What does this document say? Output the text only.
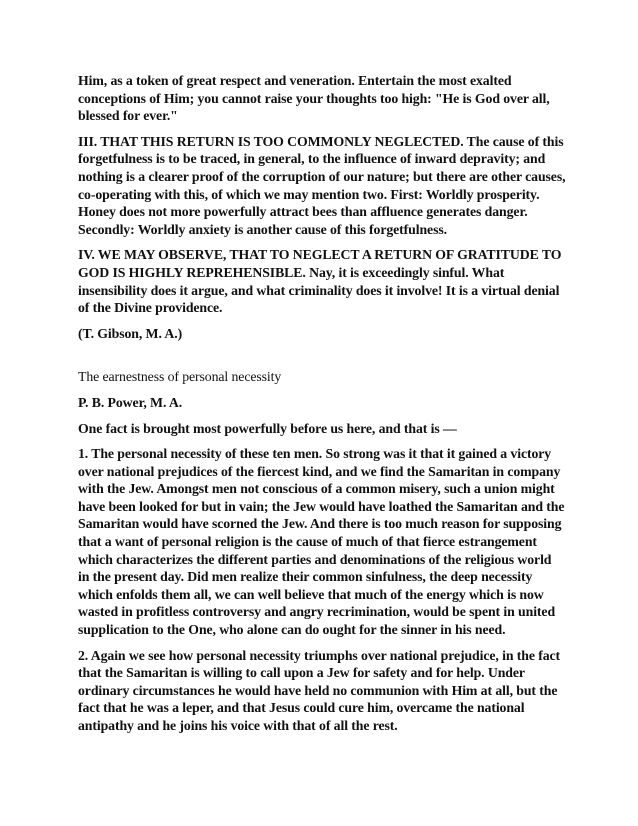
Him, as a token of great respect and veneration. Entertain the most exalted conceptions of Him; you cannot raise your thoughts too high: "He is God over all, blessed for ever."

III. THAT THIS RETURN IS TOO COMMONLY NEGLECTED. The cause of this forgetfulness is to be traced, in general, to the influence of inward depravity; and nothing is a clearer proof of the corruption of our nature; but there are other causes, co-operating with this, of which we may mention two. First: Worldly prosperity. Honey does not more powerfully attract bees than affluence generates danger. Secondly: Worldly anxiety is another cause of this forgetfulness.

IV. WE MAY OBSERVE, THAT TO NEGLECT A RETURN OF GRATITUDE TO GOD IS HIGHLY REPREHENSIBLE. Nay, it is exceedingly sinful. What insensibility does it argue, and what criminality does it involve! It is a virtual denial of the Divine providence.

(T. Gibson, M. A.)

The earnestness of personal necessity

P. B. Power, M. A.

One fact is brought most powerfully before us here, and that is —

1. The personal necessity of these ten men. So strong was it that it gained a victory over national prejudices of the fiercest kind, and we find the Samaritan in company with the Jew. Amongst men not conscious of a common misery, such a union might have been looked for but in vain; the Jew would have loathed the Samaritan and the Samaritan would have scorned the Jew. And there is too much reason for supposing that a want of personal religion is the cause of much of that fierce estrangement which characterizes the different parties and denominations of the religious world in the present day. Did men realize their common sinfulness, the deep necessity which enfolds them all, we can well believe that much of the energy which is now wasted in profitless controversy and angry recrimination, would be spent in united supplication to the One, who alone can do ought for the sinner in his need.

2. Again we see how personal necessity triumphs over national prejudice, in the fact that the Samaritan is willing to call upon a Jew for safety and for help. Under ordinary circumstances he would have held no communion with Him at all, but the fact that he was a leper, and that Jesus could cure him, overcame the national antipathy and he joins his voice with that of all the rest.
